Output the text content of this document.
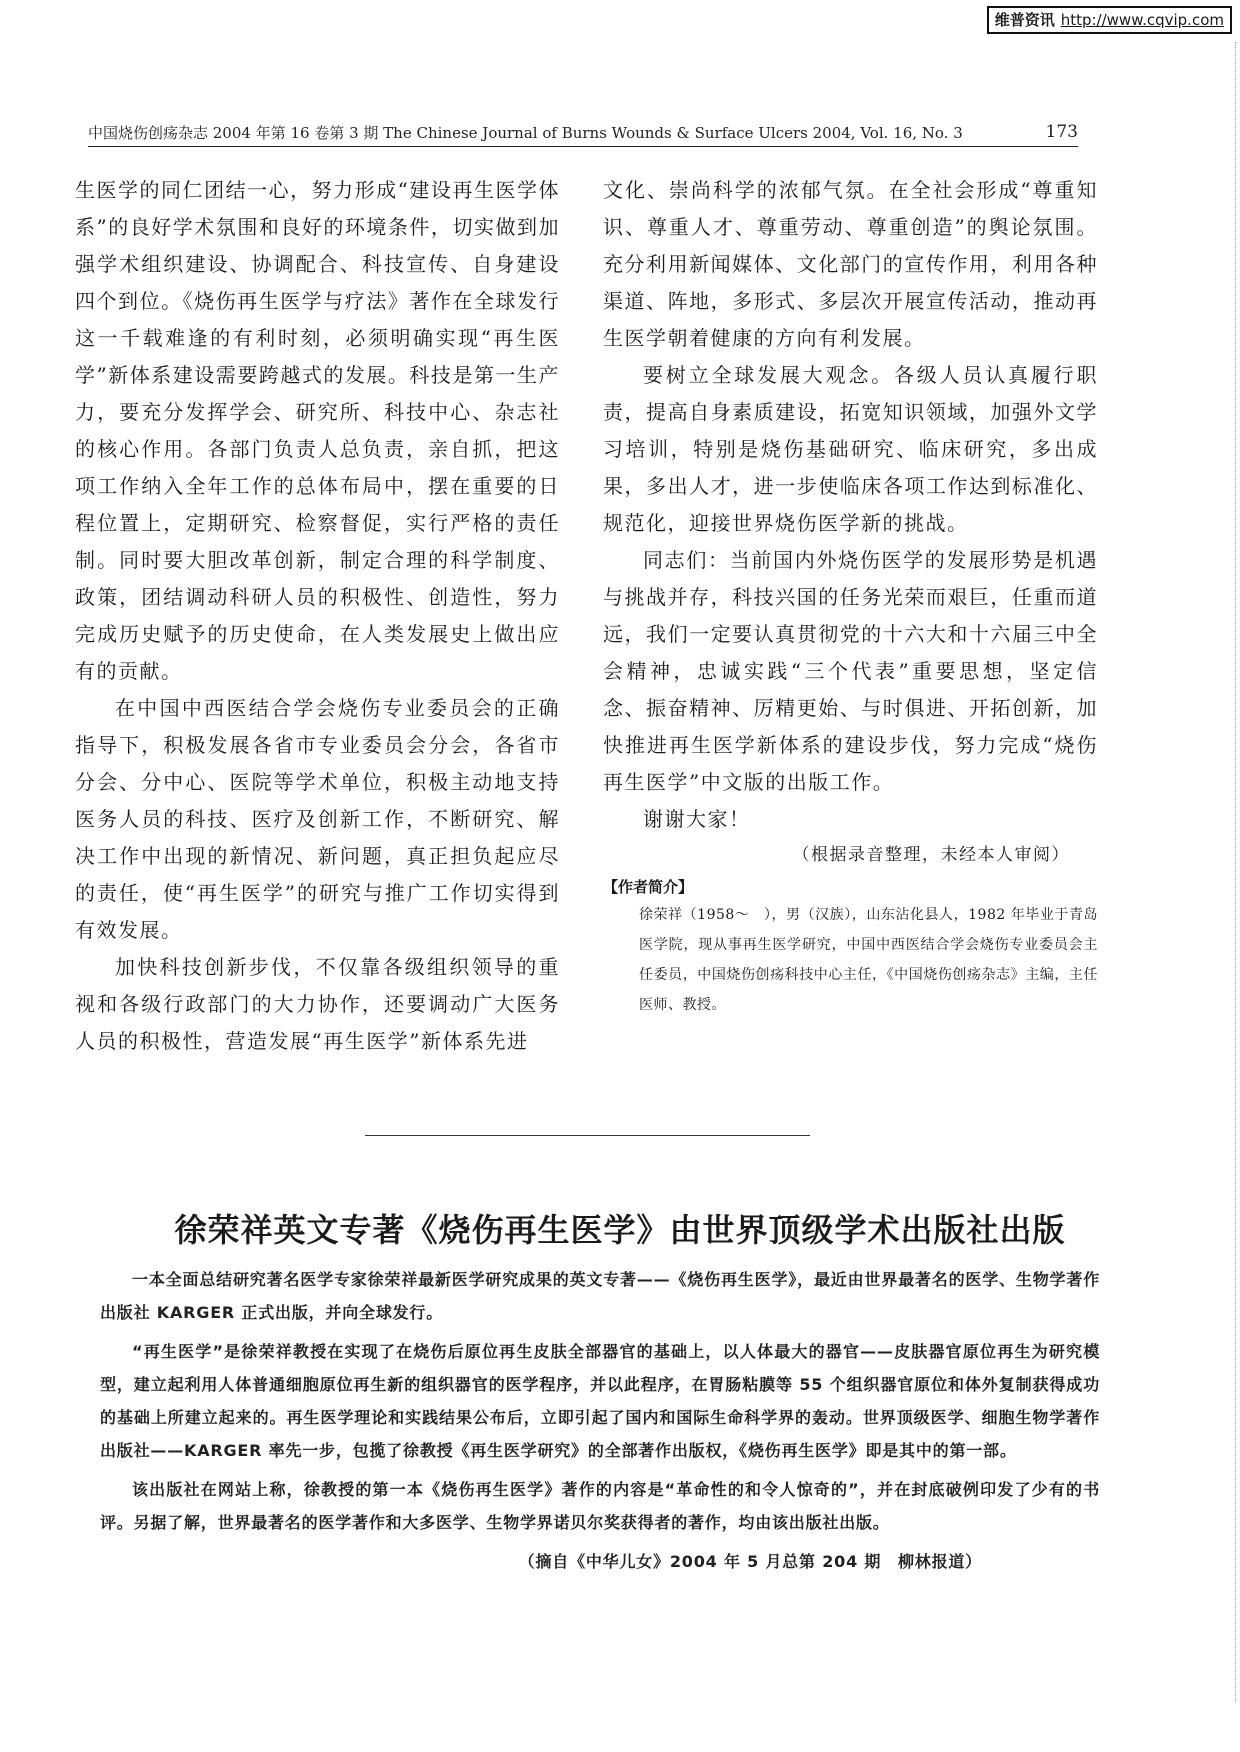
维普资讯 http://www.cqvip.com
中国烧伤创疡杂志 2004 年第 16 卷第 3 期 The Chinese Journal of Burns Wounds & Surface Ulcers 2004, Vol. 16, No. 3	173

生医学的同仁团结一心，努力形成“建设再生医学体系”的良好学术氛围和良好的环境条件，切实做到加强学术组织建设、协调配合、科技宣传、自身建设四个到位。《烧伤再生医学与疗法》著作在全球发行这一千载难逢的有利时刻，必须明确实现“再生医学”新体系建设需要跨越式的发展。科技是第一生产力，要充分发挥学会、研究所、科技中心、杂志社的核心作用。各部门负责人总负责，亲自抓，把这项工作纳入全年工作的总体布局中，摆在重要的日程位置上，定期研究、检察督促，实行严格的责任制。同时要大胆改革创新，制定合理的科学制度、政策，团结调动科研人员的积极性、创造性，努力完成历史赋予的历史使命，在人类发展史上做出应有的贡献。

在中国中西医结合学会烧伤专业委员会的正确指导下，积极发展各省市专业委员会分会，各省市分会、分中心、医院等学术单位，积极主动地支持医务人员的科技、医疗及创新工作，不断研究、解决工作中出现的新情况、新问题，真正担负起应尽的责任，使“再生医学”的研究与推广工作切实得到有效发展。

加快科技创新步伐，不仅靠各级组织领导的重视和各级行政部门的大力协作，还要调动广大医务人员的积极性，营造发展“再生医学”新体系先进

文化、崇尚科学的浓郁气氛。在全社会形成“尊重知识、尊重人才、尊重劳动、尊重创造”的舆论氛围。充分利用新闻媒体、文化部门的宣传作用，利用各种渠道、阵地，多形式、多层次开展宣传活动，推动再生医学朝着健康的方向有利发展。

要树立全球发展大观念。各级人员认真履行职责，提高自身素质建设，拓宽知识领域，加强外文学习培训，特别是烧伤基础研究、临床研究，多出成果，多出人才，进一步使临床各项工作达到标准化、规范化，迎接世界烧伤医学新的挑战。

同志们：当前国内外烧伤医学的发展形势是机遇与挑战并存，科技兴国的任务光荣而艰巨，任重而道远，我们一定要认真贯彻党的十六大和十六届三中全会精神，忠诚实践“三个代表”重要思想，坚定信念、振奋精神、厉精更始、与时俱进、开拓创新，加快推进再生医学新体系的建设步伐，努力完成“烧伤再生医学”中文版的出版工作。

谢谢大家！

（根据录音整理，未经本人审阅）
【作者简介】
徐荣祥（1958～　），男（汉族），山东沾化县人，1982 年毕业于青岛医学院，现从事再生医学研究，中国中西医结合学会烧伤专业委员会主任委员，中国烧伤创疡科技中心主任，《中国烧伤创疡杂志》主编，主任医师、教授。
徐荣祥英文专著《烧伤再生医学》由世界顶级学术出版社出版

一本全面总结研究著名医学专家徐荣祥最新医学研究成果的英文专著——《烧伤再生医学》，最近由世界最著名的医学、生物学著作出版社 KARGER 正式出版，并向全球发行。

“再生医学”是徐荣祥教授在实现了在烧伤后原位再生皮肤全部器官的基础上，以人体最大的器官——皮肤器官原位再生为研究模型，建立起利用人体普通细胞原位再生新的组织器官的医学程序，并以此程序，在胃肠粘膜等 55 个组织器官原位和体外复制获得成功的基础上所建立起来的。再生医学理论和实践结果公布后，立即引起了国内和国际生命科学界的轰动。世界顶级医学、细胞生物学著作出版社——KARGER 率先一步，包揽了徐教授《再生医学研究》的全部著作出版权，《烧伤再生医学》即是其中的第一部。

该出版社在网站上称，徐教授的第一本《烧伤再生医学》著作的内容是“革命性的和令人惊奇的”，并在封底破例印发了少有的书评。另据了解，世界最著名的医学著作和大多医学、生物学界诺贝尔奖获得者的著作，均由该出版社出版。

（摘自《中华儿女》2004 年 5 月总第 204 期　柳林报道）
